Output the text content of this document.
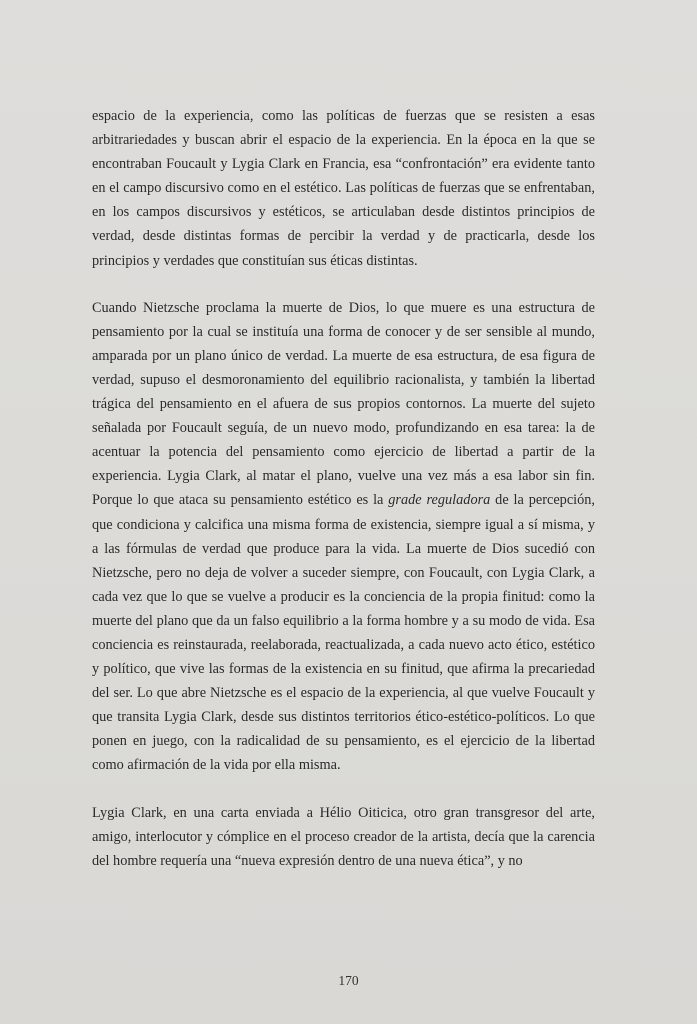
espacio de la experiencia, como las políticas de fuerzas que se resisten a esas arbitrariedades y buscan abrir el espacio de la experiencia. En la época en la que se encontraban Foucault y Lygia Clark en Francia, esa “confrontación” era evidente tanto en el campo discursivo como en el estético. Las políticas de fuerzas que se enfrentaban, en los campos discursivos y estéticos, se articulaban desde distintos principios de verdad, desde distintas formas de percibir la verdad y de practicarla, desde los principios y verdades que constituían sus éticas distintas.

Cuando Nietzsche proclama la muerte de Dios, lo que muere es una estructura de pensamiento por la cual se instituía una forma de conocer y de ser sensible al mundo, amparada por un plano único de verdad. La muerte de esa estructura, de esa figura de verdad, supuso el desmoronamiento del equilibrio racionalista, y también la libertad trágica del pensamiento en el afuera de sus propios contornos. La muerte del sujeto señalada por Foucault seguía, de un nuevo modo, profundizando en esa tarea: la de acentuar la potencia del pensamiento como ejercicio de libertad a partir de la experiencia. Lygia Clark, al matar el plano, vuelve una vez más a esa labor sin fin. Porque lo que ataca su pensamiento estético es la grade reguladora de la percepción, que condiciona y calcifica una misma forma de existencia, siempre igual a sí misma, y a las fórmulas de verdad que produce para la vida. La muerte de Dios sucedió con Nietzsche, pero no deja de volver a suceder siempre, con Foucault, con Lygia Clark, a cada vez que lo que se vuelve a producir es la conciencia de la propia finitud: como la muerte del plano que da un falso equilibrio a la forma hombre y a su modo de vida. Esa conciencia es reinstaurada, reelaborada, reactualizada, a cada nuevo acto ético, estético y político, que vive las formas de la existencia en su finitud, que afirma la precariedad del ser. Lo que abre Nietzsche es el espacio de la experiencia, al que vuelve Foucault y que transita Lygia Clark, desde sus distintos territorios ético-estético-políticos. Lo que ponen en juego, con la radicalidad de su pensamiento, es el ejercicio de la libertad como afirmación de la vida por ella misma.

Lygia Clark, en una carta enviada a Hélio Oiticica, otro gran transgresor del arte, amigo, interlocutor y cómplice en el proceso creador de la artista, decía que la carencia del hombre requería una “nueva expresión dentro de una nueva ética”, y no

170
